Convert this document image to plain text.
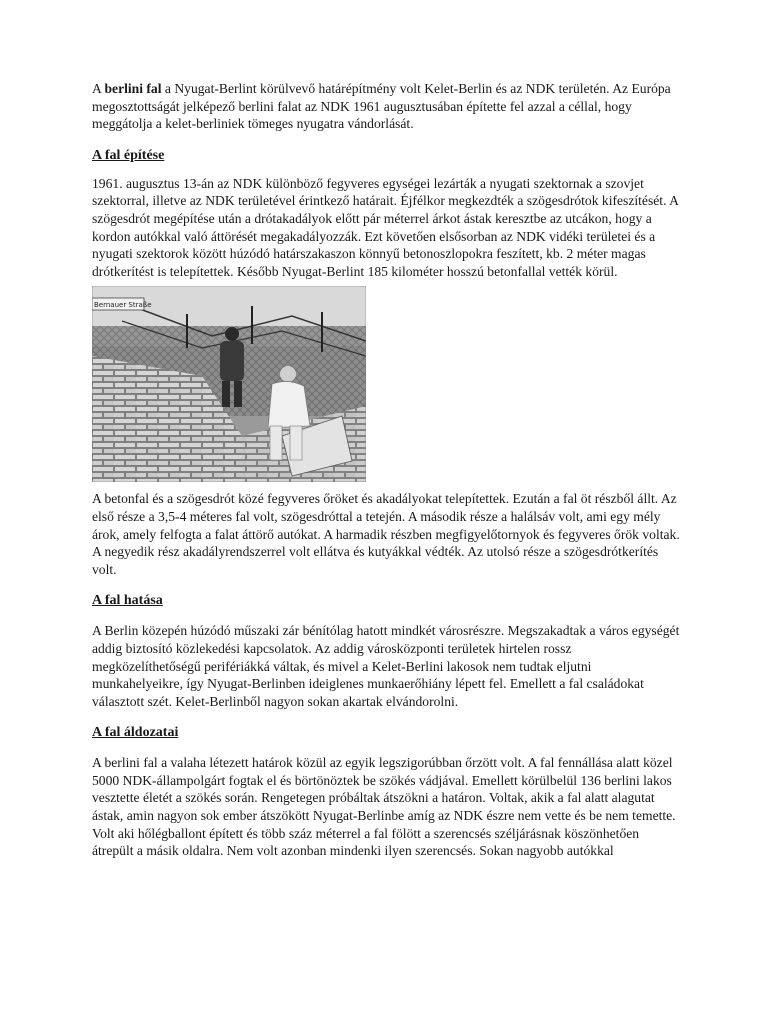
A berlini fal a Nyugat-Berlint körülvevő határépítmény volt Kelet-Berlin és az NDK területén. Az Európa megosztottságát jelképező berlini falat az NDK 1961 augusztusában építette fel azzal a céllal, hogy meggátolja a kelet-berliniek tömeges nyugatra vándorlását.

A fal építése

1961. augusztus 13-án az NDK különböző fegyveres egységei lezárták a nyugati szektornak a szovjet szektorral, illetve az NDK területével érintkező határait. Éjfélkor megkezdték a szögesdrótok kifeszítését. A szögesdrót megépítése után a drótakadályok előtt pár méterrel árkot ástak keresztbe az utcákon, hogy a kordon autókkal való áttörését megakadályozzák. Ezt követően elsősorban az NDK vidéki területei és a nyugati szektorok között húzódó határszakaszon könnyű betonoszlopokra feszített, kb. 2 méter magas drótkerítést is telepítettek. Később Nyugat-Berlint 185 kilométer hosszú betonfallal vették körül.

Bernauer Straße

A betonfal és a szögesdrót közé fegyveres őröket és akadályokat telepítettek. Ezután a fal öt részből állt. Az első része a 3,5-4 méteres fal volt, szögesdróttal a tetején. A második része a halálsáv volt, ami egy mély árok, amely felfogta a falat áttörő autókat. A harmadik részben megfigyelőtornyok és fegyveres őrök voltak. A negyedik rész akadályrendszerrel volt ellátva és kutyákkal védték. Az utolsó része a szögesdrótkerítés volt.

A fal hatása

A Berlin közepén húzódó műszaki zár bénítólag hatott mindkét városrészre. Megszakadtak a város egységét addig biztosító közlekedési kapcsolatok. Az addig városközponti területek hirtelen rossz megközelíthetőségű perifériákká váltak, és mivel a Kelet-Berlini lakosok nem tudtak eljutni munkahelyeikre, így Nyugat-Berlinben ideiglenes munkaerőhiány lépett fel. Emellett a fal családokat választott szét. Kelet-Berlinből nagyon sokan akartak elvándorolni.

A fal áldozatai

A berlini fal a valaha létezett határok közül az egyik legszigorúbban őrzött volt. A fal fennállása alatt közel 5000 NDK-állampolgárt fogtak el és börtönöztek be szökés vádjával. Emellett körülbelül 136 berlini lakos vesztette életét a szökés során. Rengetegen próbáltak átszökni a határon. Voltak, akik a fal alatt alagutat ástak, amin nagyon sok ember átszökött Nyugat-Berlinbe amíg az NDK észre nem vette és be nem temette. Volt aki hőlégballont épített és több száz méterrel a fal fölött a szerencsés széljárásnak köszönhetően átrepült a másik oldalra. Nem volt azonban mindenki ilyen szerencsés. Sokan nagyobb autókkal
